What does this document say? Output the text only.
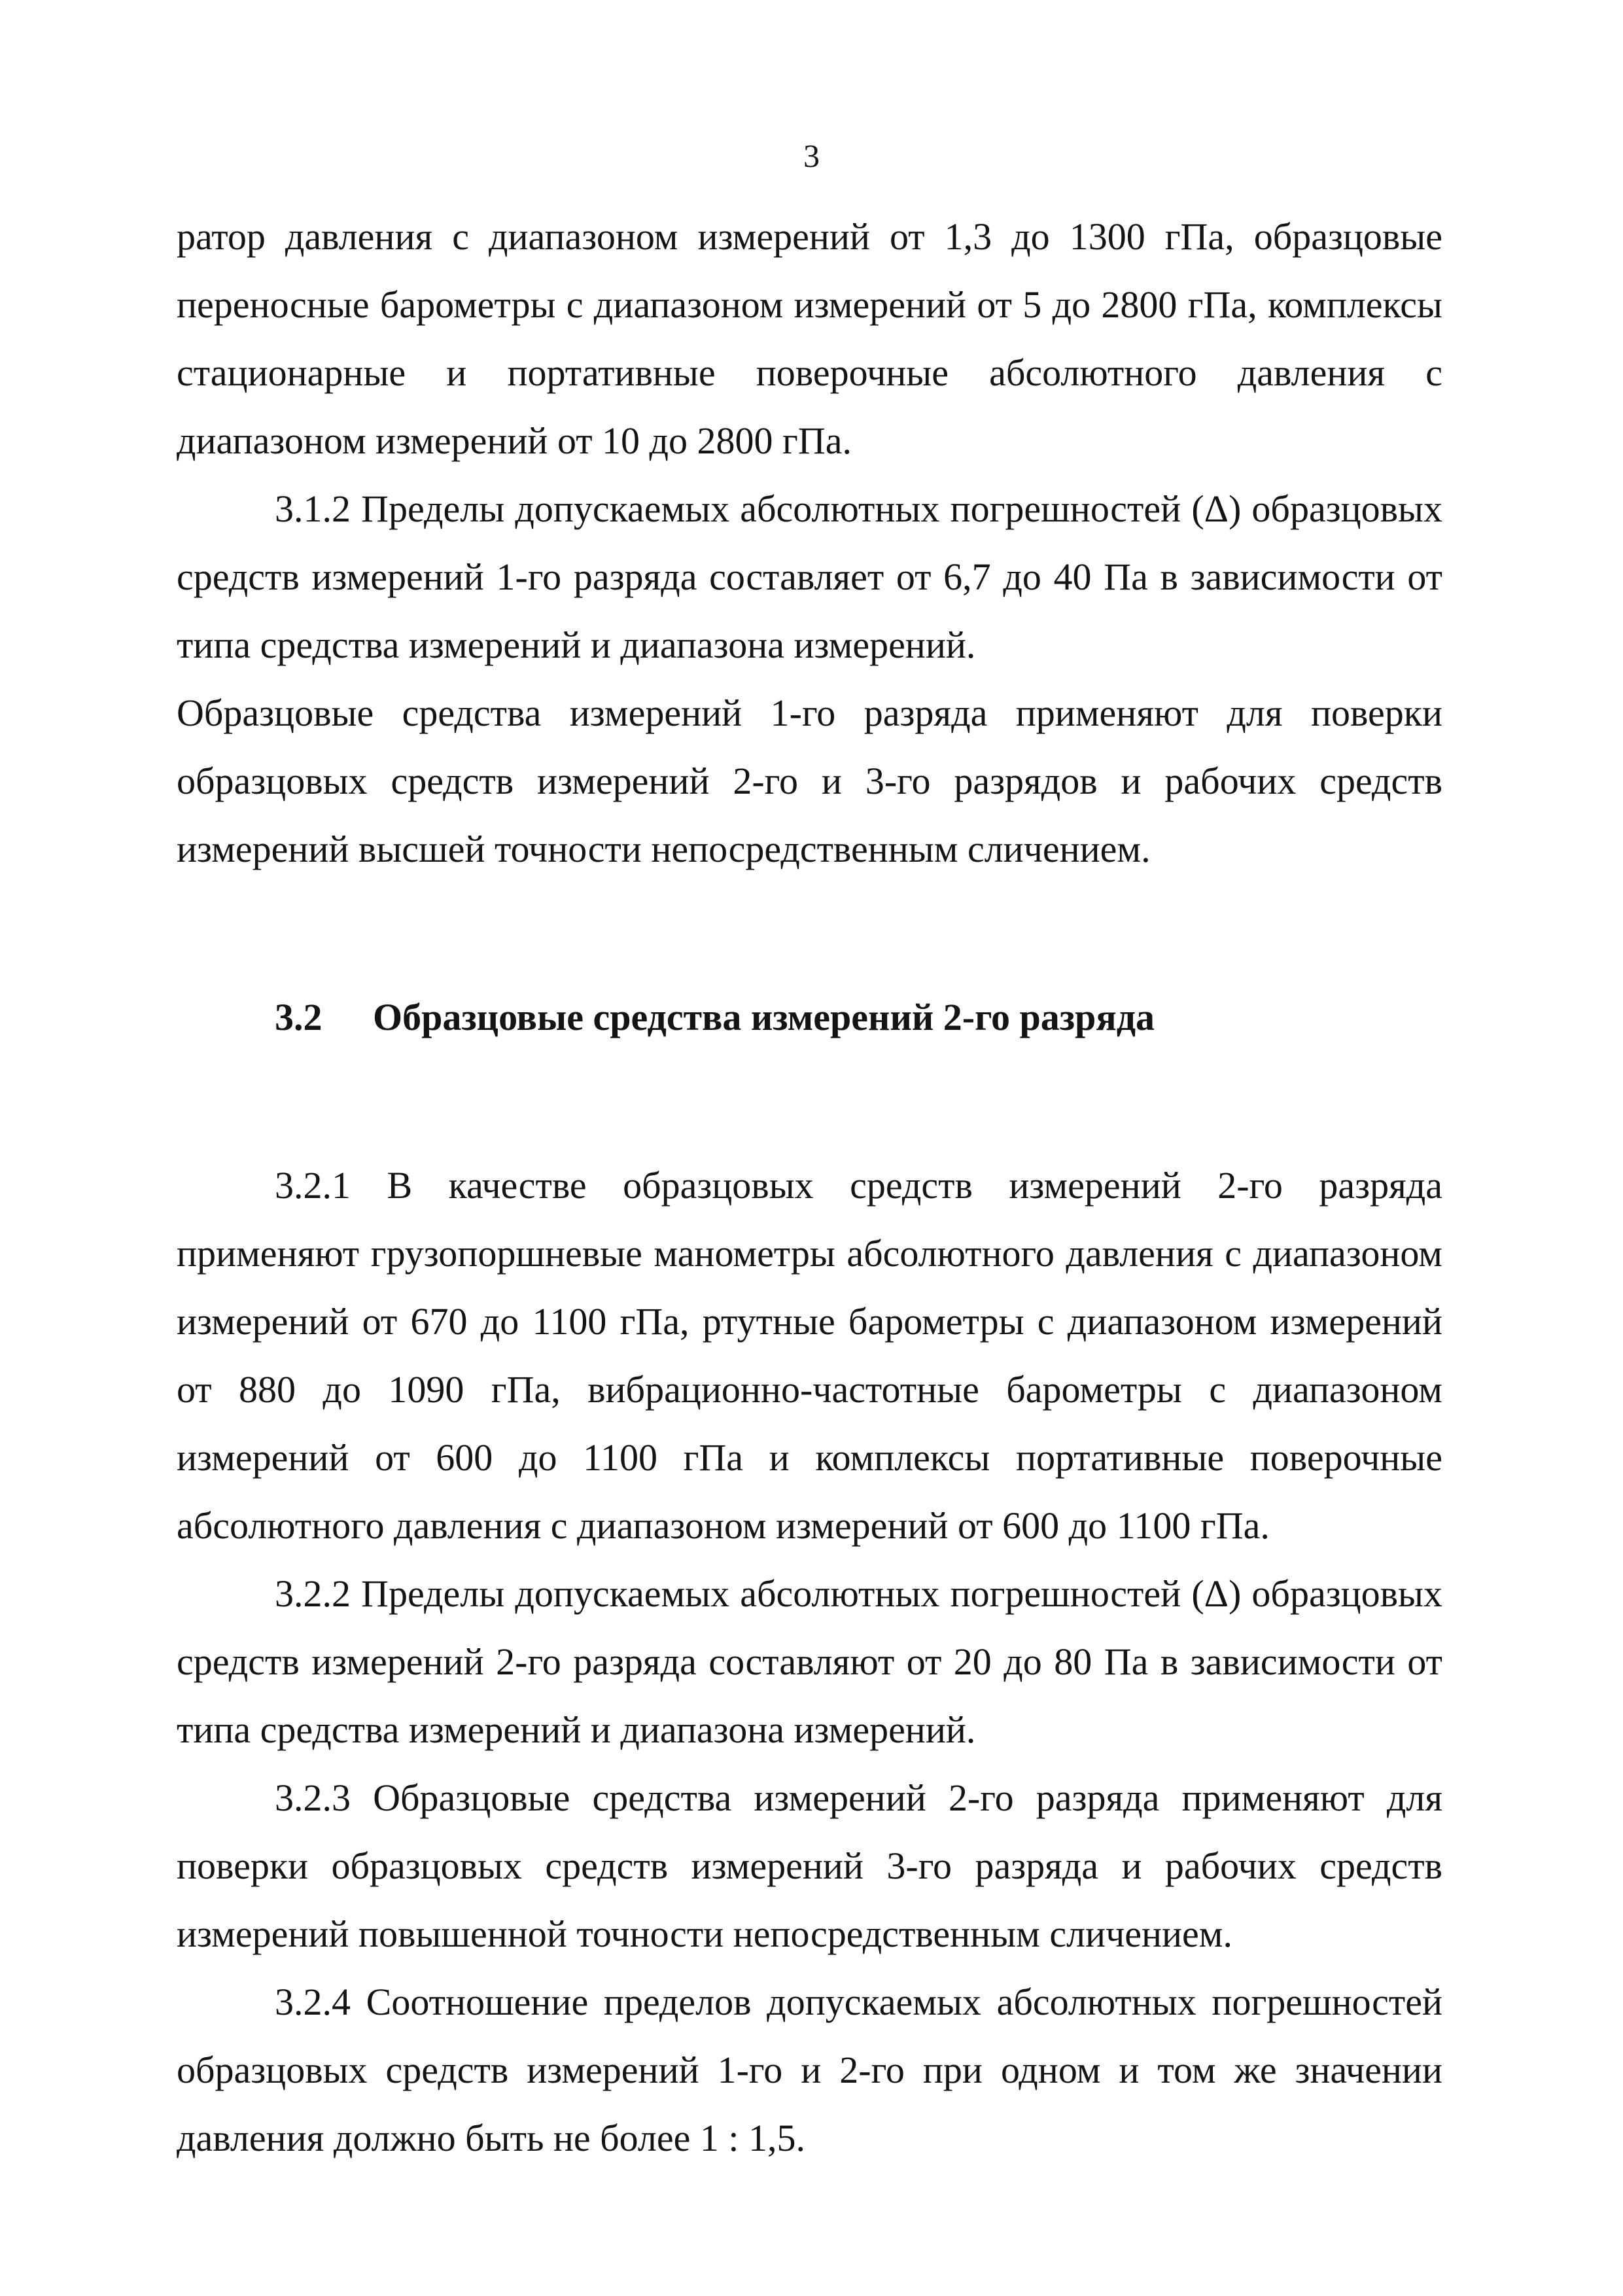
3

ратор давления с диапазоном измерений от 1,3 до 1300 гПа, образцовые переносные барометры с диапазоном измерений от 5 до 2800 гПа, комплексы стационарные и портативные поверочные абсолютного давления с диапазоном измерений от 10 до 2800 гПа.

3.1.2 Пределы допускаемых абсолютных погрешностей (Δ) образцовых средств измерений 1-го разряда составляет от 6,7 до 40 Па в зависимости от типа средства измерений и диапазона измерений.

Образцовые средства измерений 1-го разряда применяют для поверки образцовых средств измерений 2-го и 3-го разрядов и рабочих средств измерений высшей точности непосредственным сличением.

3.2 Образцовые средства измерений 2-го разряда

3.2.1 В качестве образцовых средств измерений 2-го разряда применяют грузопоршневые манометры абсолютного давления с диапазоном измерений от 670 до 1100 гПа, ртутные барометры с диапазоном измерений от 880 до 1090 гПа, вибрационно-частотные барометры с диапазоном измерений от 600 до 1100 гПа и комплексы портативные поверочные абсолютного давления с диапазоном измерений от 600 до 1100 гПа.

3.2.2 Пределы допускаемых абсолютных погрешностей (Δ) образцовых средств измерений 2-го разряда составляют от 20 до 80 Па в зависимости от типа средства измерений и диапазона измерений.

3.2.3 Образцовые средства измерений 2-го разряда применяют для поверки образцовых средств измерений 3-го разряда и рабочих средств измерений повышенной точности непосредственным сличением.

3.2.4 Соотношение пределов допускаемых абсолютных погрешностей образцовых средств измерений 1-го и 2-го при одном и том же значении давления должно быть не более 1 : 1,5.
